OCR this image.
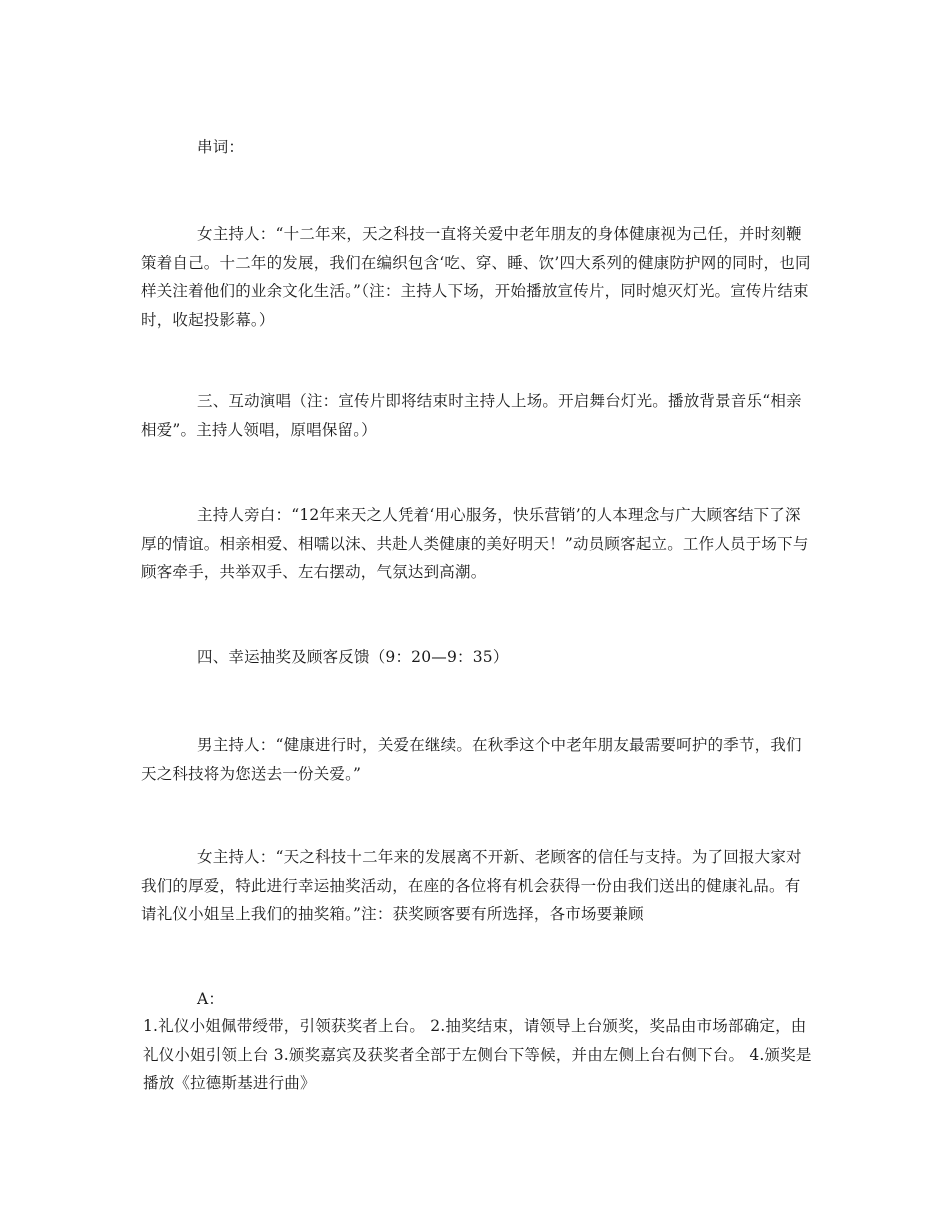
串词：

女主持人：“十二年来，天之科技一直将关爱中老年朋友的身体健康视为己任，并时刻鞭策着自己。十二年的发展，我们在编织包含‘吃、穿、睡、饮’四大系列的健康防护网的同时，也同样关注着他们的业余文化生活。”（注：主持人下场，开始播放宣传片，同时熄灭灯光。宣传片结束时，收起投影幕。）

三、互动演唱（注：宣传片即将结束时主持人上场。开启舞台灯光。播放背景音乐“相亲相爱”。主持人领唱，原唱保留。）

主持人旁白：“12年来天之人凭着‘用心服务，快乐营销’的人本理念与广大顾客结下了深厚的情谊。相亲相爱、相嚅以沫、共赴人类健康的美好明天！”动员顾客起立。工作人员于场下与顾客牵手，共举双手、左右摆动，气氛达到高潮。

四、幸运抽奖及顾客反馈（9：20—9：35）

男主持人：“健康进行时，关爱在继续。在秋季这个中老年朋友最需要呵护的季节，我们天之科技将为您送去一份关爱。”

女主持人：“天之科技十二年来的发展离不开新、老顾客的信任与支持。为了回报大家对我们的厚爱，特此进行幸运抽奖活动，在座的各位将有机会获得一份由我们送出的健康礼品。有请礼仪小姐呈上我们的抽奖箱。”注：获奖顾客要有所选择，各市场要兼顾

A：

1.礼仪小姐佩带绶带，引领获奖者上台。 2.抽奖结束，请领导上台颁奖，奖品由市场部确定，由礼仪小姐引领上台 3.颁奖嘉宾及获奖者全部于左侧台下等候，并由左侧上台右侧下台。 4.颁奖是播放《拉德斯基进行曲》
